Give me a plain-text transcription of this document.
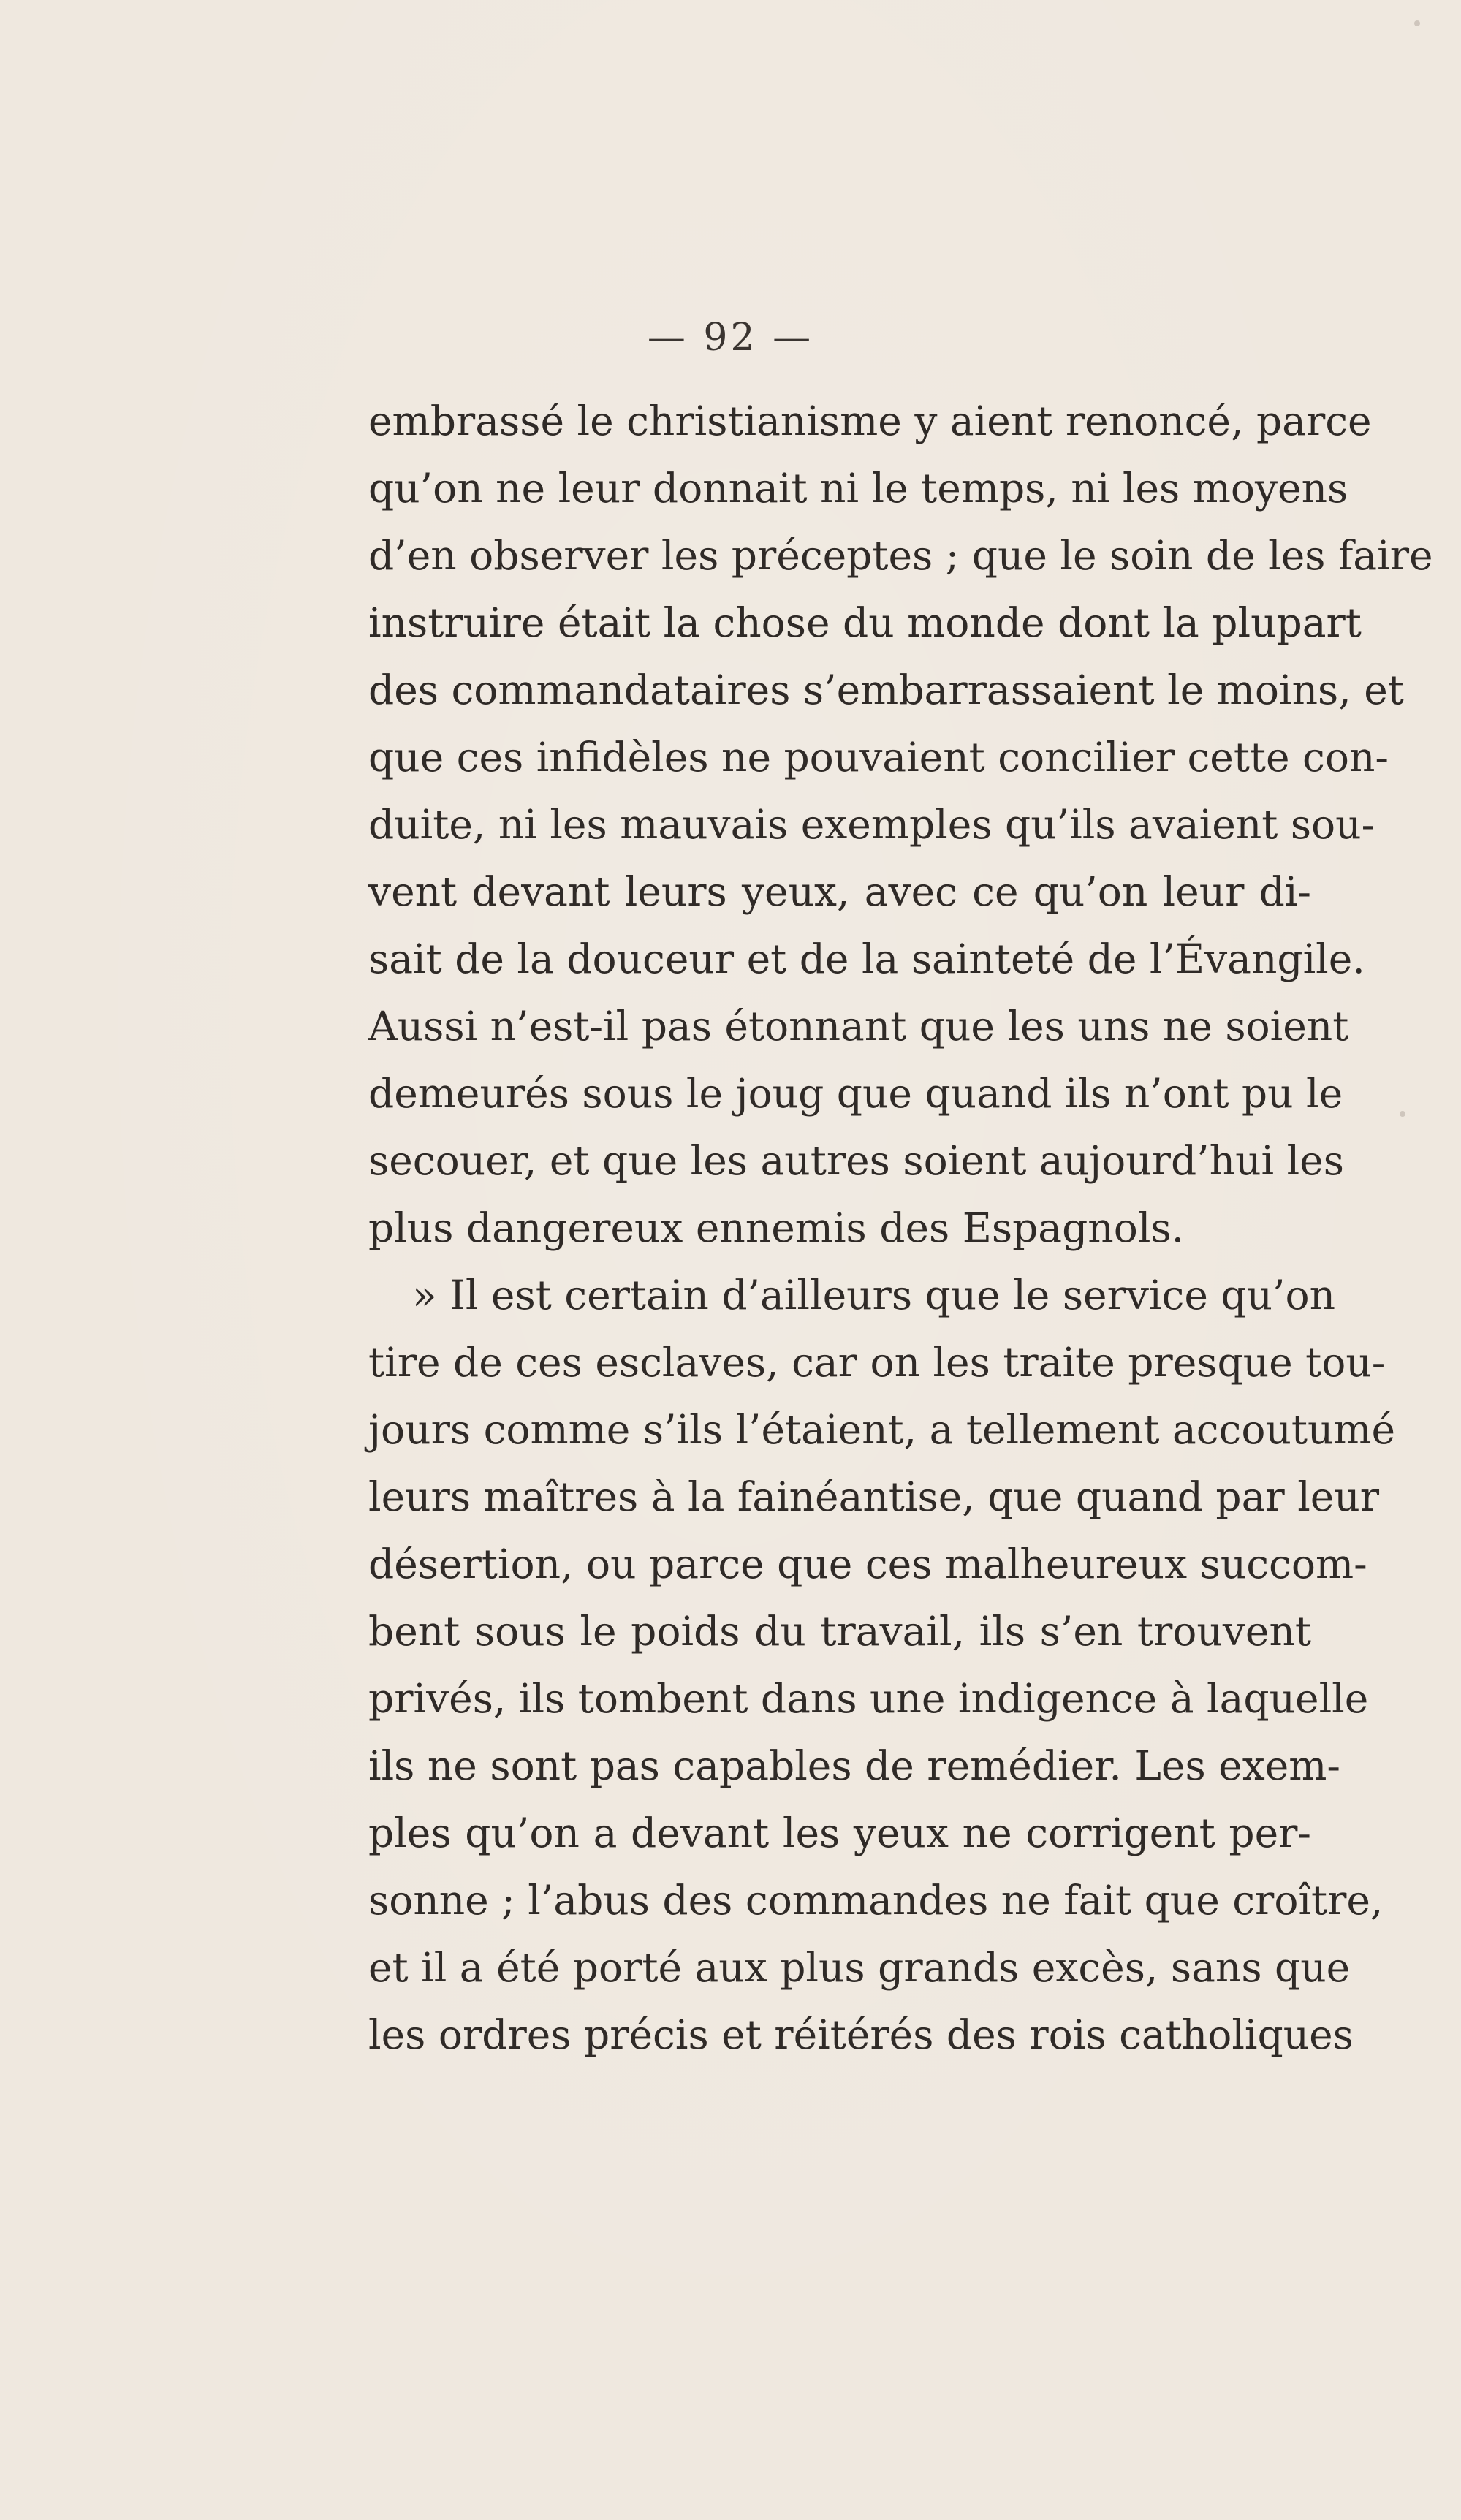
— 92 —
embrassé le christianisme y aient renoncé, parce
qu’on ne leur donnait ni le temps, ni les moyens
d’en observer les préceptes ; que le soin de les faire
instruire était la chose du monde dont la plupart
des commandataires s’embarrassaient le moins, et
que ces infidèles ne pouvaient concilier cette con-
duite, ni les mauvais exemples qu’ils avaient sou-
vent devant leurs yeux, avec ce qu’on leur di-
sait de la douceur et de la sainteté de l’Évangile.
Aussi n’est-il pas étonnant que les uns ne soient
demeurés sous le joug que quand ils n’ont pu le
secouer, et que les autres soient aujourd’hui les
plus dangereux ennemis des Espagnols.
» Il est certain d’ailleurs que le service qu’on
tire de ces esclaves, car on les traite presque tou-
jours comme s’ils l’étaient, a tellement accoutumé
leurs maîtres à la fainéantise, que quand par leur
désertion, ou parce que ces malheureux succom-
bent sous le poids du travail, ils s’en trouvent
privés, ils tombent dans une indigence à laquelle
ils ne sont pas capables de remédier. Les exem-
ples qu’on a devant les yeux ne corrigent per-
sonne ; l’abus des commandes ne fait que croître,
et il a été porté aux plus grands excès, sans que
les ordres précis et réitérés des rois catholiques
